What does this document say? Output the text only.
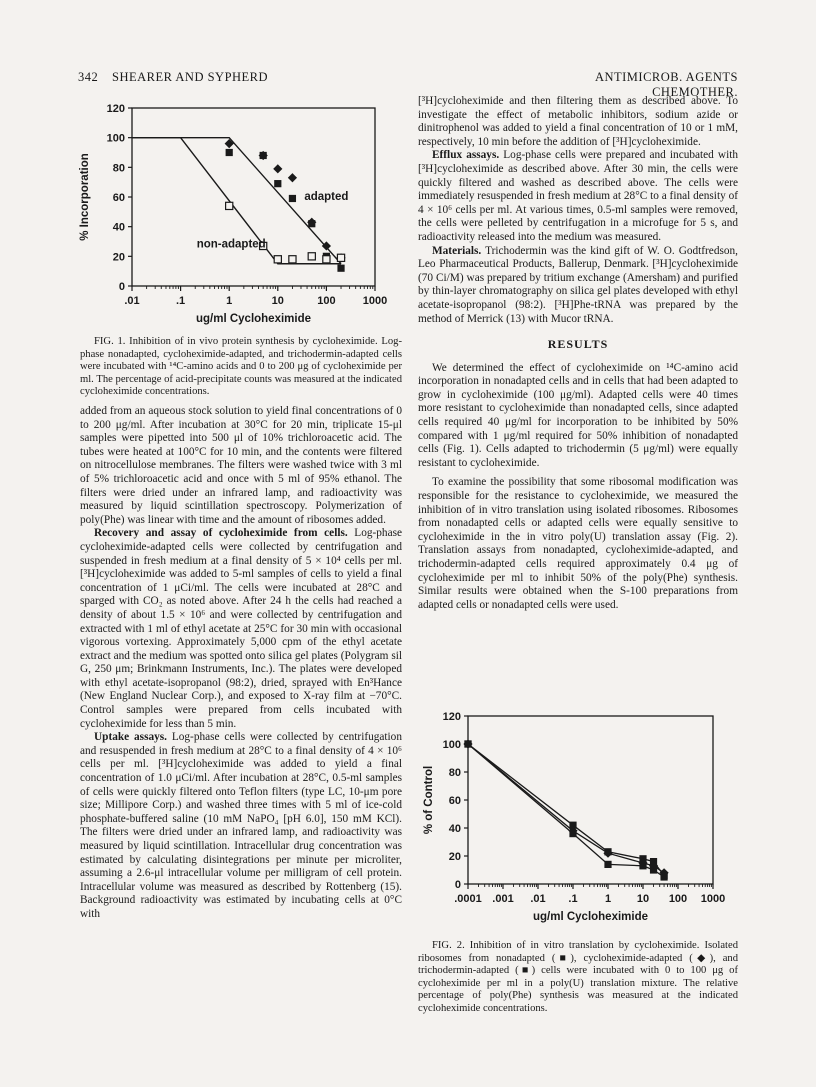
342 SHEARER AND SYPHERD	ANTIMICROB. AGENTS CHEMOTHER.
0
20
40
60
80
100
120
.01	.1	1	10	100 1000
ug/ml Cycloheximide
% Incorporation	adapted
non-adapted

FIG. 1. Inhibition of in vivo protein synthesis by cycloheximide. Log-phase nonadapted, cycloheximide-adapted, and trichodermin-adapted cells were incubated with ¹⁴C-amino acids and 0 to 200 μg of cycloheximide per ml. The percentage of acid-precipitate counts was measured at the indicated cycloheximide concentrations.

added from an aqueous stock solution to yield final concentrations of 0 to 200 μg/ml. After incubation at 30°C for 20 min, triplicate 15-μl samples were pipetted into 500 μl of 10% trichloroacetic acid. The tubes were heated at 100°C for 10 min, and the contents were filtered on nitrocellulose membranes. The filters were washed twice with 3 ml of 5% trichloroacetic acid and once with 5 ml of 95% ethanol. The filters were dried under an infrared lamp, and radioactivity was measured by liquid scintillation spectroscopy. Polymerization of poly(Phe) was linear with time and the amount of ribosomes added.

Recovery and assay of cycloheximide from cells. Log-phase cycloheximide-adapted cells were collected by centrifugation and suspended in fresh medium at a final density of 5 × 10⁴ cells per ml. [³H]cycloheximide was added to 5-ml samples of cells to yield a final concentration of 1 μCi/ml. The cells were incubated at 28°C and sparged with CO₂ as noted above. After 24 h the cells had reached a density of about 1.5 × 10⁶ and were collected by centrifugation and extracted with 1 ml of ethyl acetate at 25°C for 30 min with occasional vigorous vortexing. Approximately 5,000 cpm of the ethyl acetate extract and the medium was spotted onto silica gel plates (Polygram sil G, 250 μm; Brinkmann Instruments, Inc.). The plates were developed with ethyl acetate-isopropanol (98:2), dried, sprayed with En³Hance (New England Nuclear Corp.), and exposed to X-ray film at −70°C. Control samples were prepared from cells incubated with cycloheximide for less than 5 min.

Uptake assays. Log-phase cells were collected by centrifugation and resuspended in fresh medium at 28°C to a final density of 4 × 10⁶ cells per ml. [³H]cycloheximide was added to yield a final concentration of 1.0 μCi/ml. After incubation at 28°C, 0.5-ml samples of cells were quickly filtered onto Teflon filters (type LC, 10-μm pore size; Millipore Corp.) and washed three times with 5 ml of ice-cold phosphate-buffered saline (10 mM NaPO₄ [pH 6.0], 150 mM KCl). The filters were dried under an infrared lamp, and radioactivity was measured by liquid scintillation. Intracellular drug concentration was estimated by calculating disintegrations per minute per microliter, assuming a 2.6-μl intracellular volume per milligram of cell protein. Intracellular volume was measured as described by Rottenberg (15). Background radioactivity was estimated by incubating cells at 0°C with

[³H]cycloheximide and then filtering them as described above. To investigate the effect of metabolic inhibitors, sodium azide or dinitrophenol was added to yield a final concentration of 10 or 1 mM, respectively, 10 min before the addition of [³H]cycloheximide.

Efflux assays. Log-phase cells were prepared and incubated with [³H]cycloheximide as described above. After 30 min, the cells were quickly filtered and washed as described above. The cells were immediately resuspended in fresh medium at 28°C to a final density of 4 × 10⁶ cells per ml. At various times, 0.5-ml samples were removed, the cells were pelleted by centrifugation in a microfuge for 5 s, and radioactivity released into the medium was measured.

Materials. Trichodermin was the kind gift of W. O. Godtfredson, Leo Pharmaceutical Products, Ballerup, Denmark. [³H]cycloheximide (70 Ci/M) was prepared by tritium exchange (Amersham) and purified by thin-layer chromatography on silica gel plates developed with ethyl acetate-isopropanol (98:2). [³H]Phe-tRNA was prepared by the method of Merrick (13) with Mucor tRNA.

RESULTS

We determined the effect of cycloheximide on ¹⁴C-amino acid incorporation in nonadapted cells and in cells that had been adapted to grow in cycloheximide (100 μg/ml). Adapted cells were 40 times more resistant to cycloheximide than nonadapted cells, since adapted cells required 40 μg/ml for incorporation to be inhibited by 50% compared with 1 μg/ml required for 50% inhibition of nonadapted cells (Fig. 1). Cells adapted to trichodermin (5 μg/ml) were equally resistant to cycloheximide.

To examine the possibility that some ribosomal modification was responsible for the resistance to cycloheximide, we measured the inhibition of in vitro translation using isolated ribosomes. Ribosomes from nonadapted cells or adapted cells were equally sensitive to cycloheximide in the in vitro poly(U) translation assay (Fig. 2). Translation assays from nonadapted, cycloheximide-adapted, and trichodermin-adapted cells required approximately 0.4 μg of cycloheximide per ml to inhibit 50% of the poly(Phe) synthesis. Similar results were obtained when the S-100 preparations from adapted cells or nonadapted cells were used.

0
20
40
60
80
100
120
.0001 .001 .01 .1 1 10 100 1000
ug/ml Cycloheximide
% of Control

FIG. 2. Inhibition of in vitro translation by cycloheximide. Isolated ribosomes from nonadapted (■), cycloheximide-adapted (◆), and trichodermin-adapted (■) cells were incubated with 0 to 100 μg of cycloheximide per ml in a poly(U) translation mixture. The relative percentage of poly(Phe) synthesis was measured at the indicated cycloheximide concentrations.
